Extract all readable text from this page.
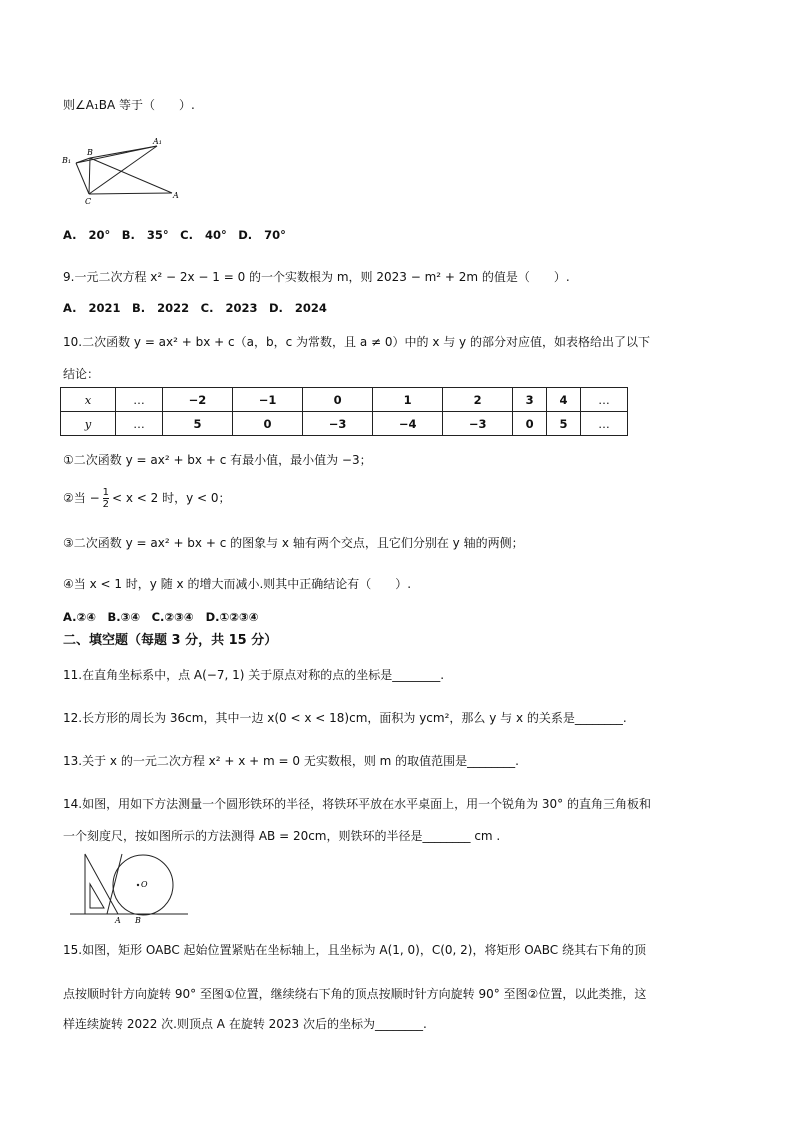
则∠A₁BA 等于（　　）.
B₁
B
A₁
C
A
A. 20°　B. 35°　C. 40°　D. 70°
9.一元二次方程 x² − 2x − 1 = 0 的一个实数根为 m，则 2023 − m² + 2m 的值是（　　）.
A. 2021　B. 2022　C. 2023　D. 2024
10.二次函数 y = ax² + bx + c（a，b，c 为常数，且 a ≠ 0）中的 x 与 y 的部分对应值，如表格给出了以下
结论：
x	…	−2	−1	0	1	2	3	4	…
y	…	5	0	−3	−4	−3	0	5	…
①二次函数 y = ax² + bx + c 有最小值，最小值为 −3；
②当 − $\frac{1}{2} < x < 2$ 时，y < 0；
③二次函数 y = ax² + bx + c 的图象与 x 轴有两个交点，且它们分别在 y 轴的两侧；
④当 x < 1 时，y 随 x 的增大而减小.则其中正确结论有（　　）.
A.②④　B.③④　C.②③④ D.①②③④
二、填空题（每题 3 分，共 15 分）
11.在直角坐标系中，点 A(−7, 1) 关于原点对称的点的坐标是________.
12.长方形的周长为 36cm，其中一边 x(0 < x < 18)cm，面积为 ycm²，那么 y 与 x 的关系是________.
13.关于 x 的一元二次方程 x² + x + m = 0 无实数根，则 m 的取值范围是________.
14.如图，用如下方法测量一个圆形铁环的半径，将铁环平放在水平桌面上，用一个锐角为 30° 的直角三角板和
一个刻度尺，按如图所示的方法测得 AB = 20cm，则铁环的半径是________ cm .
O
A B
15.如图，矩形 OABC 起始位置紧贴在坐标轴上，且坐标为 A(1, 0)，C(0, 2)，将矩形 OABC 绕其右下角的顶
点按顺时针方向旋转 90° 至图①位置，继续绕右下角的顶点按顺时针方向旋转 90° 至图②位置，以此类推，这
样连续旋转 2022 次.则顶点 A 在旋转 2023 次后的坐标为________.
